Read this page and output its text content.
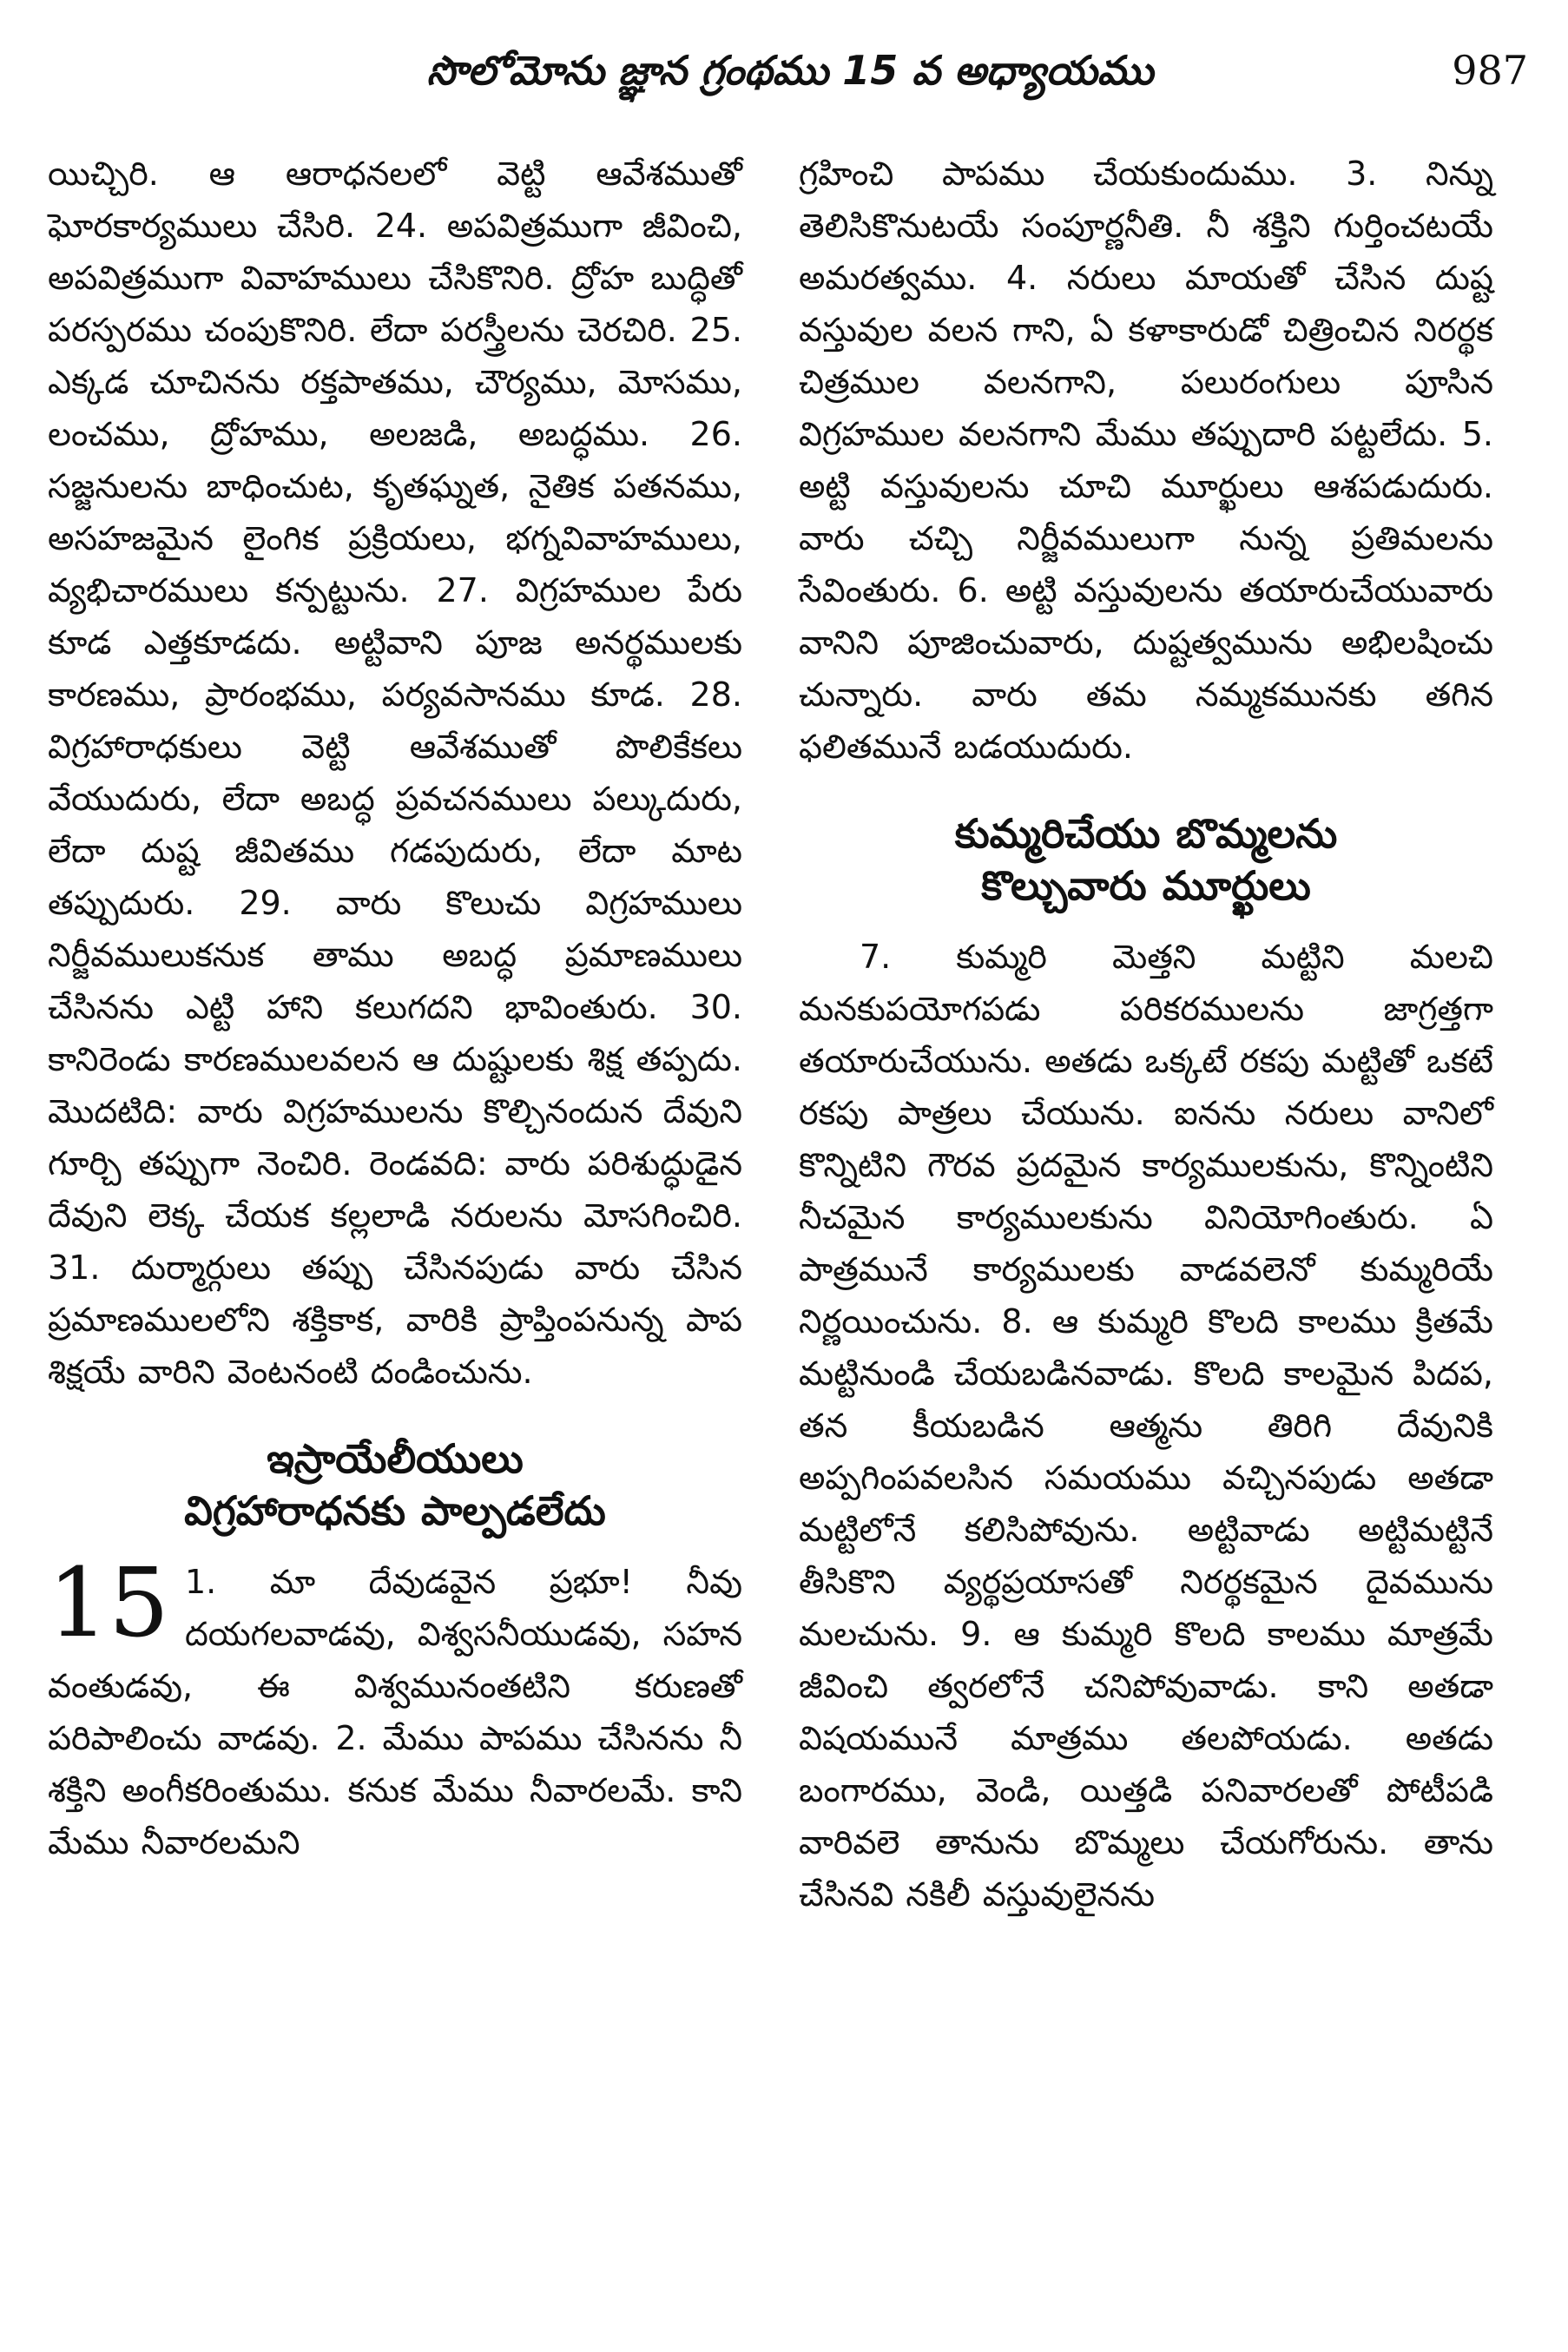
సొలోమోను జ్ఞాన గ్రంథము 15 వ అధ్యాయము	987

యిచ్చిరి. ఆ ఆరాధనలలో వెట్టి ఆవేశముతో ఘోరకార్యములు చేసిరి. 24. అపవిత్రముగా జీవించి, అపవిత్రముగా వివాహములు చేసికొనిరి. ద్రోహ బుద్ధితో పరస్పరము చంపుకొనిరి. లేదా పరస్త్రీలను చెరచిరి. 25. ఎక్కడ చూచినను రక్తపాతము, చౌర్యము, మోసము, లంచము, ద్రోహము, అలజడి, అబద్ధము. 26. సజ్జనులను బాధించుట, కృతఘ్నత, నైతిక పతనము, అసహజమైన లైంగిక ప్రక్రియలు, భగ్నవివాహములు, వ్యభిచారములు కన్పట్టును. 27. విగ్రహముల పేరు కూడ ఎత్తకూడదు. అట్టివాని పూజ అనర్థములకు కారణము, ప్రారంభము, పర్యవసానము కూడ. 28. విగ్రహారాధకులు వెట్టి ఆవేశముతో పొలికేకలు వేయుదురు, లేదా అబద్ధ ప్రవచనములు పల్కుదురు, లేదా దుష్ట జీవితము గడపుదురు, లేదా మాట తప్పుదురు. 29. వారు కొలుచు విగ్రహములు నిర్జీవములుకనుక తాము అబద్ధ ప్రమాణములు చేసినను ఎట్టి హాని కలుగదని భావింతురు. 30. కానిరెండు కారణములవలన ఆ దుష్టులకు శిక్ష తప్పదు. మొదటిది: వారు విగ్రహములను కొల్చినందున దేవుని గూర్చి తప్పుగా నెంచిరి. రెండవది: వారు పరిశుద్ధుడైన దేవుని లెక్క చేయక కల్లలాడి నరులను మోసగించిరి. 31. దుర్మార్గులు తప్పు చేసినపుడు వారు చేసిన ప్రమాణములలోని శక్తికాక, వారికి ప్రాప్తింపనున్న పాప శిక్షయే వారిని వెంటనంటి దండించును.

ఇస్రాయేలీయులు
విగ్రహారాధనకు పాల్పడలేదు

15 1. మా దేవుడవైన ప్రభూ! నీవు దయగలవాడవు, విశ్వసనీయుడవు, సహన వంతుడవు, ఈ విశ్వమునంతటిని కరుణతో పరిపాలించు వాడవు. 2. మేము పాపము చేసినను నీ శక్తిని అంగీకరింతుము. కనుక మేము నీవారలమే. కాని మేము నీవారలమని

గ్రహించి పాపము చేయకుందుము. 3. నిన్ను తెలిసికొనుటయే సంపూర్ణనీతి. నీ శక్తిని గుర్తించటయే అమరత్వము. 4. నరులు మాయతో చేసిన దుష్ట వస్తువుల వలన గాని, ఏ కళాకారుడో చిత్రించిన నిరర్థక చిత్రముల వలనగాని, పలురంగులు పూసిన విగ్రహముల వలనగాని మేము తప్పుదారి పట్టలేదు. 5. అట్టి వస్తువులను చూచి మూర్ఖులు ఆశపడుదురు. వారు చచ్చి నిర్జీవములుగా నున్న ప్రతిమలను సేవింతురు. 6. అట్టి వస్తువులను తయారుచేయువారు వానిని పూజించువారు, దుష్టత్వమును అభిలషించు చున్నారు. వారు తమ నమ్మకమునకు తగిన ఫలితమునే బడయుదురు.

కుమ్మరిచేయు బొమ్మలను
కొల్చువారు మూర్ఖులు

7. కుమ్మరి మెత్తని మట్టిని మలచి మనకుపయోగపడు పరికరములను జాగ్రత్తగా తయారుచేయును. అతడు ఒక్కటే రకపు మట్టితో ఒకటే రకపు పాత్రలు చేయును. ఐనను నరులు వానిలో కొన్నిటిని గౌరవ ప్రదమైన కార్యములకును, కొన్నింటిని నీచమైన కార్యములకును వినియోగింతురు. ఏ పాత్రమునే కార్యములకు వాడవలెనో కుమ్మరియే నిర్ణయించును. 8. ఆ కుమ్మరి కొలది కాలము క్రితమే మట్టినుండి చేయబడినవాడు. కొలది కాలమైన పిదప, తన కీయబడిన ఆత్మను తిరిగి దేవునికి అప్పగింపవలసిన సమయము వచ్చినపుడు అతడా మట్టిలోనే కలిసిపోవును. అట్టివాడు అట్టిమట్టినే తీసికొని వ్యర్థప్రయాసతో నిరర్థకమైన దైవమును మలచును. 9. ఆ కుమ్మరి కొలది కాలము మాత్రమే జీవించి త్వరలోనే చనిపోవువాడు. కాని అతడా విషయమునే మాత్రము తలపోయడు. అతడు బంగారము, వెండి, యిత్తడి పనివారలతో పోటీపడి వారివలె తానును బొమ్మలు చేయగోరును. తాను చేసినవి నకిలీ వస్తువులైనను
